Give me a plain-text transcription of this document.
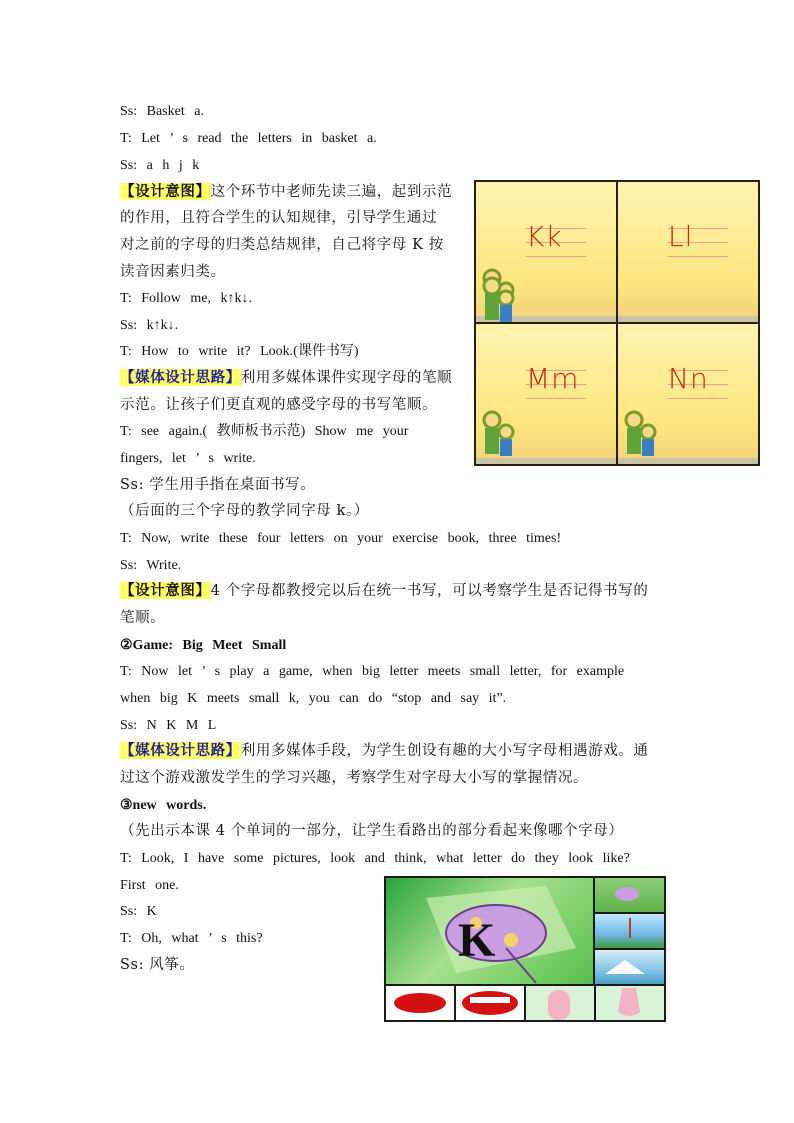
Ss: Basket a.
T: Let ’ s read the letters in basket a.
Ss: a h j k
【设计意图】这个环节中老师先读三遍，起到示范
的作用，且符合学生的认知规律，引导学生通过
对之前的字母的归类总结规律，自己将字母 K 按
读音因素归类。
T: Follow me, k↑k↓.
Ss: k↑k↓.
T: How to write it? Look.(课件书写)
【媒体设计思路】利用多媒体课件实现字母的笔顺
示范。让孩子们更直观的感受字母的书写笔顺。
T: see again.( 教师板书示范) Show me your
fingers, let ’ s write.
Ss: 学生用手指在桌面书写。
（后面的三个字母的教学同字母 k。）
T: Now, write these four letters on your exercise book, three times!
Ss: Write.
【设计意图】4 个字母都教授完以后在统一书写，可以考察学生是否记得书写的
笔顺。
②Game: Big Meet Small
T: Now let ’ s play a game, when big letter meets small letter, for example
when big K meets small k, you can do “stop and say it”.
Ss: N K M L
【媒体设计思路】利用多媒体手段，为学生创设有趣的大小写字母相遇游戏。通
过这个游戏激发学生的学习兴趣，考察学生对字母大小写的掌握情况。
③new words.
（先出示本课 4 个单词的一部分，让学生看路出的部分看起来像哪个字母）
T: Look, I have some pictures, look and think, what letter do they look like?
First one.
Ss: K
T: Oh, what ’ s this?
Ss: 风筝。
Kk	Ll
Mm	Nn
K
